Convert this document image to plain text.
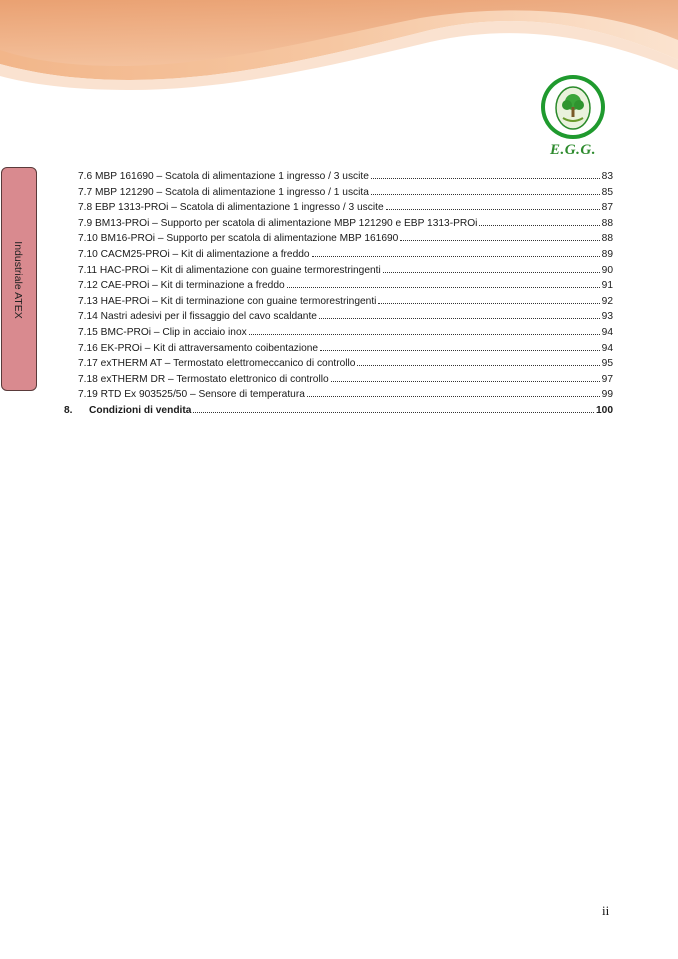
E.G.G.
Industriale ATEX
7.6 MBP 161690 – Scatola di alimentazione 1 ingresso / 3 uscite	83
7.7 MBP 121290 – Scatola di alimentazione 1 ingresso / 1 uscita	85
7.8 EBP 1313-PROi – Scatola di alimentazione 1 ingresso / 3 uscite	87
7.9 BM13-PROi – Supporto per scatola di alimentazione MBP 121290 e EBP 1313-PROi	88
7.10 BM16-PROi – Supporto per scatola di alimentazione MBP 161690	88
7.10 CACM25-PROi – Kit di alimentazione a freddo	89
7.11 HAC-PROi – Kit di alimentazione con guaine termorestringenti	90
7.12 CAE-PROi – Kit di terminazione a freddo	91
7.13 HAE-PROi – Kit di terminazione con guaine termorestringenti	92
7.14 Nastri adesivi per il fissaggio del cavo scaldante	93
7.15 BMC-PROi – Clip in acciaio inox	94
7.16 EK-PROi – Kit di attraversamento coibentazione	94
7.17 exTHERM AT – Termostato elettromeccanico di controllo	95
7.18 exTHERM DR – Termostato elettronico di controllo	97
7.19 RTD Ex 903525/50 – Sensore di temperatura	99
8.	Condizioni di vendita	100
ii
